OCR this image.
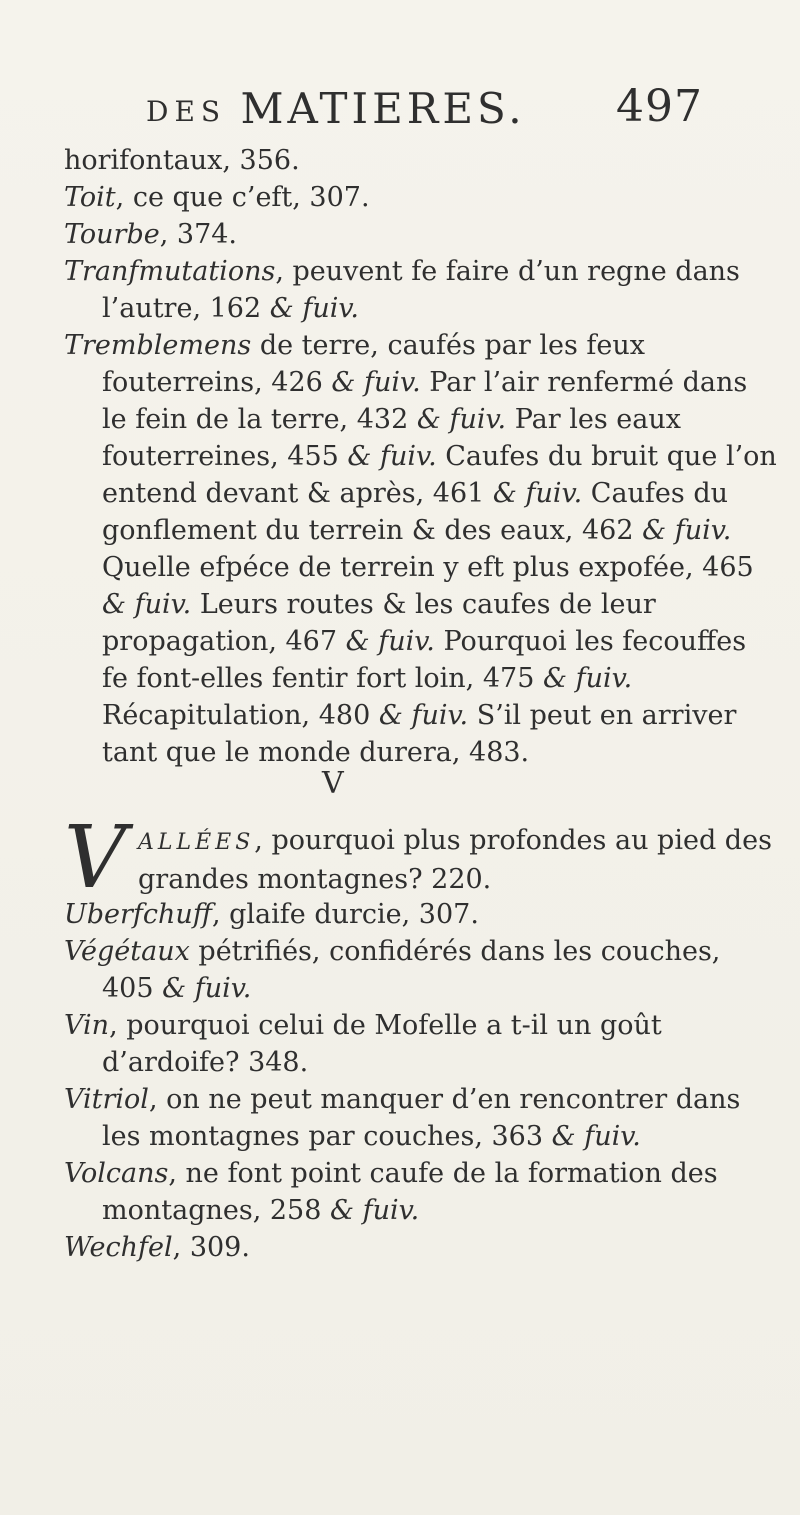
DES MATIERES. 497

horifontaux, 356.

Toit, ce que c’eft, 307.

Tourbe, 374.

Tranfmutations, peuvent fe faire d’un regne dans l’autre, 162 & fuiv.

Tremblemens de terre, caufés par les feux fouterreins, 426 & fuiv. Par l’air renfermé dans le fein de la terre, 432 & fuiv. Par les eaux fouterreines, 455 & fuiv. Caufes du bruit que l’on entend devant & après, 461 & fuiv. Caufes du gonflement du terrein & des eaux, 462 & fuiv. Quelle efpéce de terrein y eft plus expofée, 465 & fuiv. Leurs routes & les caufes de leur propagation, 467 & fuiv. Pourquoi les fecouffes fe font-elles fentir fort loin, 475 & fuiv. Récapitulation, 480 & fuiv. S’il peut en arriver tant que le monde durera, 483.

V
V ALLÉES, pourquoi plus profondes au pied des grandes montagnes? 220.

Uberfchuff, glaife durcie, 307.

Végétaux pétrifiés, confidérés dans les couches, 405 & fuiv.

Vin, pourquoi celui de Mofelle a t-il un goût d’ardoife? 348.

Vitriol, on ne peut manquer d’en rencontrer dans les montagnes par couches, 363 & fuiv.

Volcans, ne font point caufe de la formation des montagnes, 258 & fuiv.

Wechfel, 309.
